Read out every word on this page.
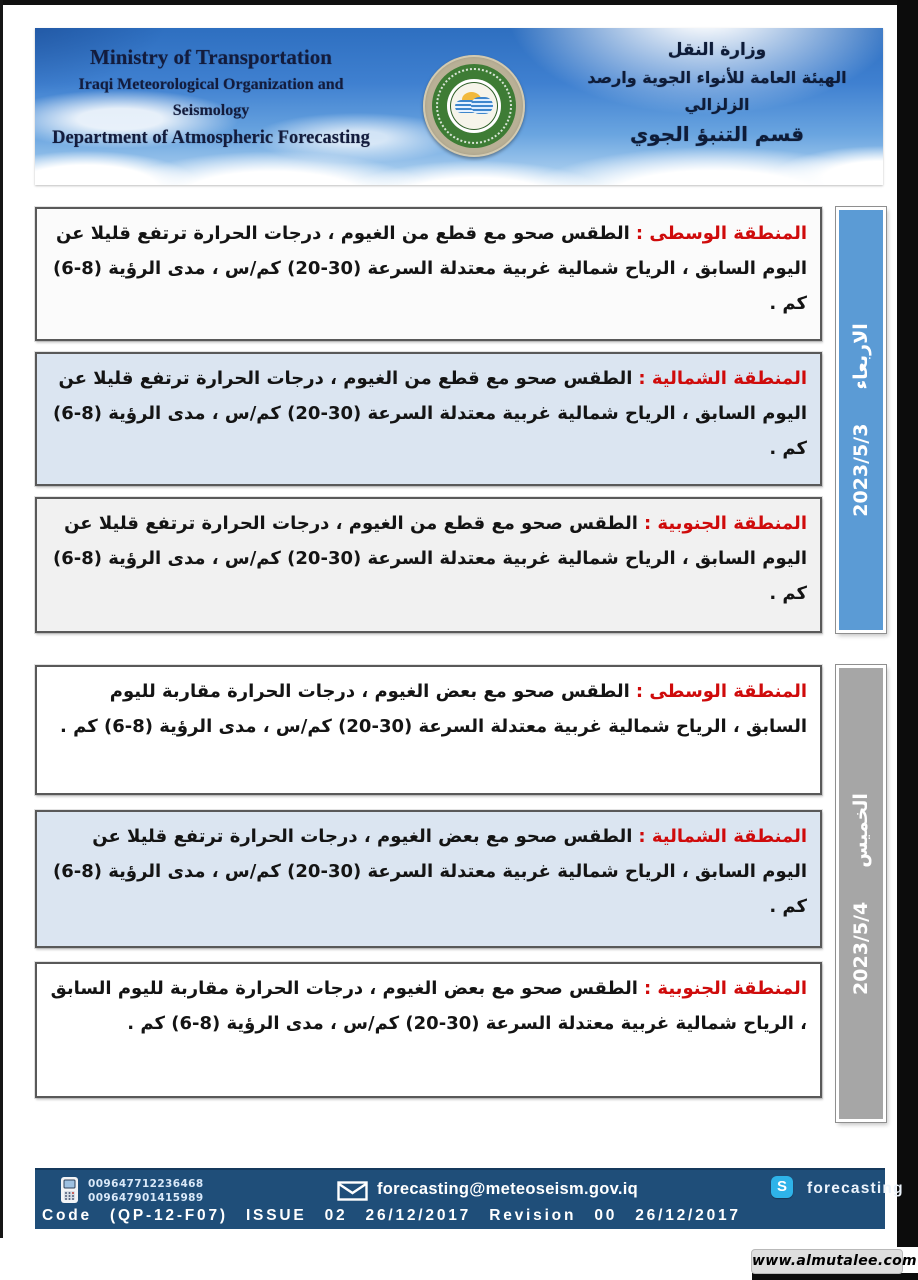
Ministry of Transportation
Iraqi Meteorological Organization and Seismology
Department of Atmospheric Forecasting
وزارة النقل
الهيئة العامة للأنواء الجوية وارصد الزلزالي
قسم التنبؤ الجوي
المنطقة الوسطى :الطقس صحو مع قطع من الغيوم ، درجات الحرارة ترتفع قليلا عن اليوم السابق ، الرياح شمالية غربية معتدلة السرعة (30-20) كم/س ، مدى الرؤية (8-6) كم .
المنطقة الشمالية :الطقس صحو مع قطع من الغيوم ، درجات الحرارة ترتفع قليلا عن اليوم السابق ، الرياح شمالية غربية معتدلة السرعة (30-20) كم/س ، مدى الرؤية (8-6) كم .
المنطقة الجنوبية :الطقس صحو مع قطع من الغيوم ، درجات الحرارة ترتفع قليلا عن اليوم السابق ، الرياح شمالية غربية معتدلة السرعة (30-20) كم/س ، مدى الرؤية (8-6) كم .
المنطقة الوسطى :الطقس صحو مع بعض الغيوم ، درجات الحرارة مقاربة لليوم السابق ، الرياح شمالية غربية معتدلة السرعة (30-20) كم/س ، مدى الرؤية (8-6) كم .
المنطقة الشمالية :الطقس صحو مع بعض الغيوم ، درجات الحرارة ترتفع قليلا عن اليوم السابق ، الرياح شمالية غربية معتدلة السرعة (30-20) كم/س ، مدى الرؤية (8-6) كم .
المنطقة الجنوبية :الطقس صحو مع بعض الغيوم ، درجات الحرارة مقاربة لليوم السابق ، الرياح شمالية غربية معتدلة السرعة (30-20) كم/س ، مدى الرؤية (8-6) كم .
الاربعاء2023/5/3
الخميس2023/5/4
009647712236468
009647901415989
forecasting@meteoseism.gov.iq	S	forecasting
Code (QP-12-F07) ISSUE 02 26/12/2017 Revision 00 26/12/2017
www.almutalee.com
